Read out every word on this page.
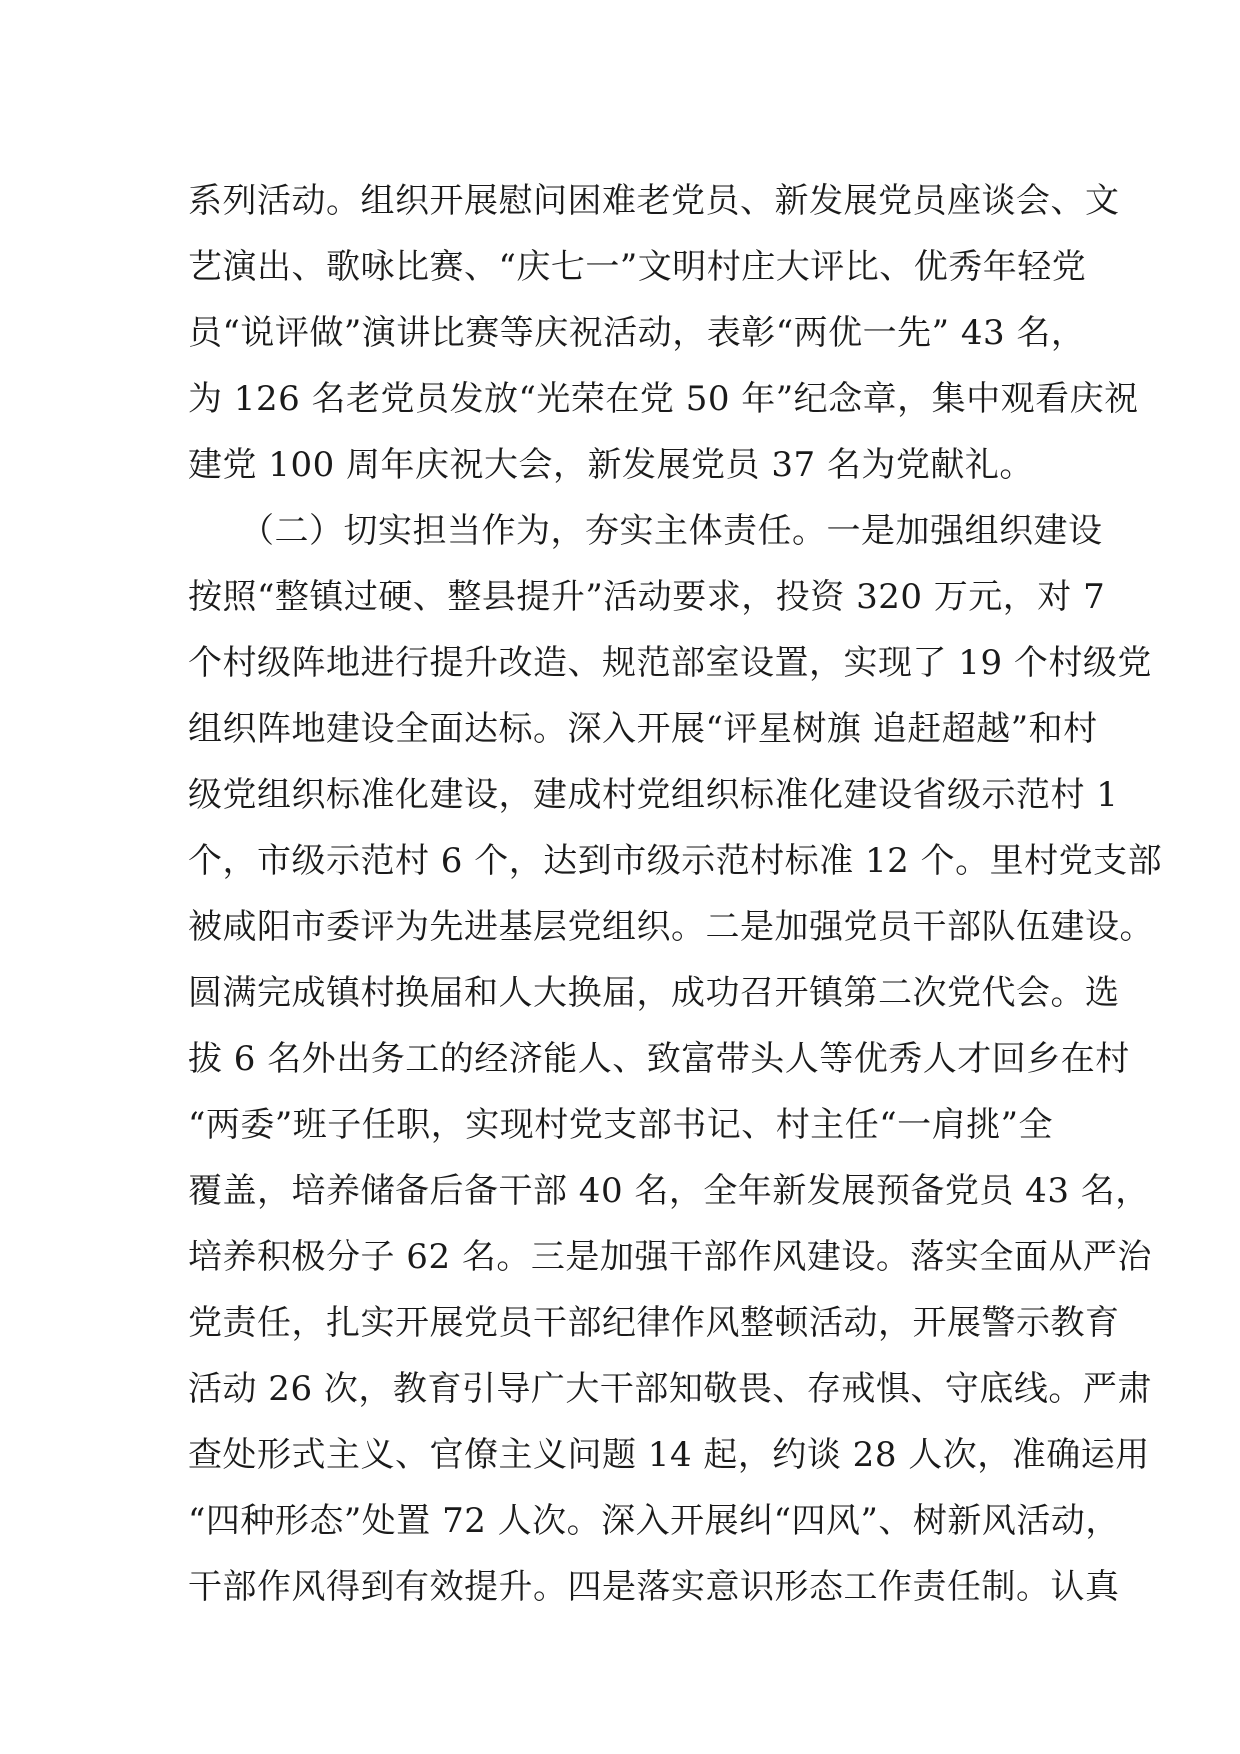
系列活动。组织开展慰问困难老党员、新发展党员座谈会、文
艺演出、歌咏比赛、“庆七一”文明村庄大评比、优秀年轻党
员“说评做”演讲比赛等庆祝活动，表彰“两优一先” 43 名，
为 126 名老党员发放“光荣在党 50 年”纪念章，集中观看庆祝
建党 100 周年庆祝大会，新发展党员 37 名为党献礼。
　　（二）切实担当作为，夯实主体责任。一是加强组织建设
按照“整镇过硬、整县提升”活动要求，投资 320 万元，对 7
个村级阵地进行提升改造、规范部室设置，实现了 19 个村级党
组织阵地建设全面达标。深入开展“评星树旗 追赶超越”和村
级党组织标准化建设，建成村党组织标准化建设省级示范村 1
个，市级示范村 6 个，达到市级示范村标准 12 个。里村党支部
被咸阳市委评为先进基层党组织。二是加强党员干部队伍建设。
圆满完成镇村换届和人大换届，成功召开镇第二次党代会。选
拔 6 名外出务工的经济能人、致富带头人等优秀人才回乡在村
“两委”班子任职，实现村党支部书记、村主任“一肩挑”全
覆盖，培养储备后备干部 40 名，全年新发展预备党员 43 名，
培养积极分子 62 名。三是加强干部作风建设。落实全面从严治
党责任，扎实开展党员干部纪律作风整顿活动，开展警示教育
活动 26 次，教育引导广大干部知敬畏、存戒惧、守底线。严肃
查处形式主义、官僚主义问题 14 起，约谈 28 人次，准确运用
“四种形态”处置 72 人次。深入开展纠“四风”、树新风活动，
干部作风得到有效提升。四是落实意识形态工作责任制。认真
